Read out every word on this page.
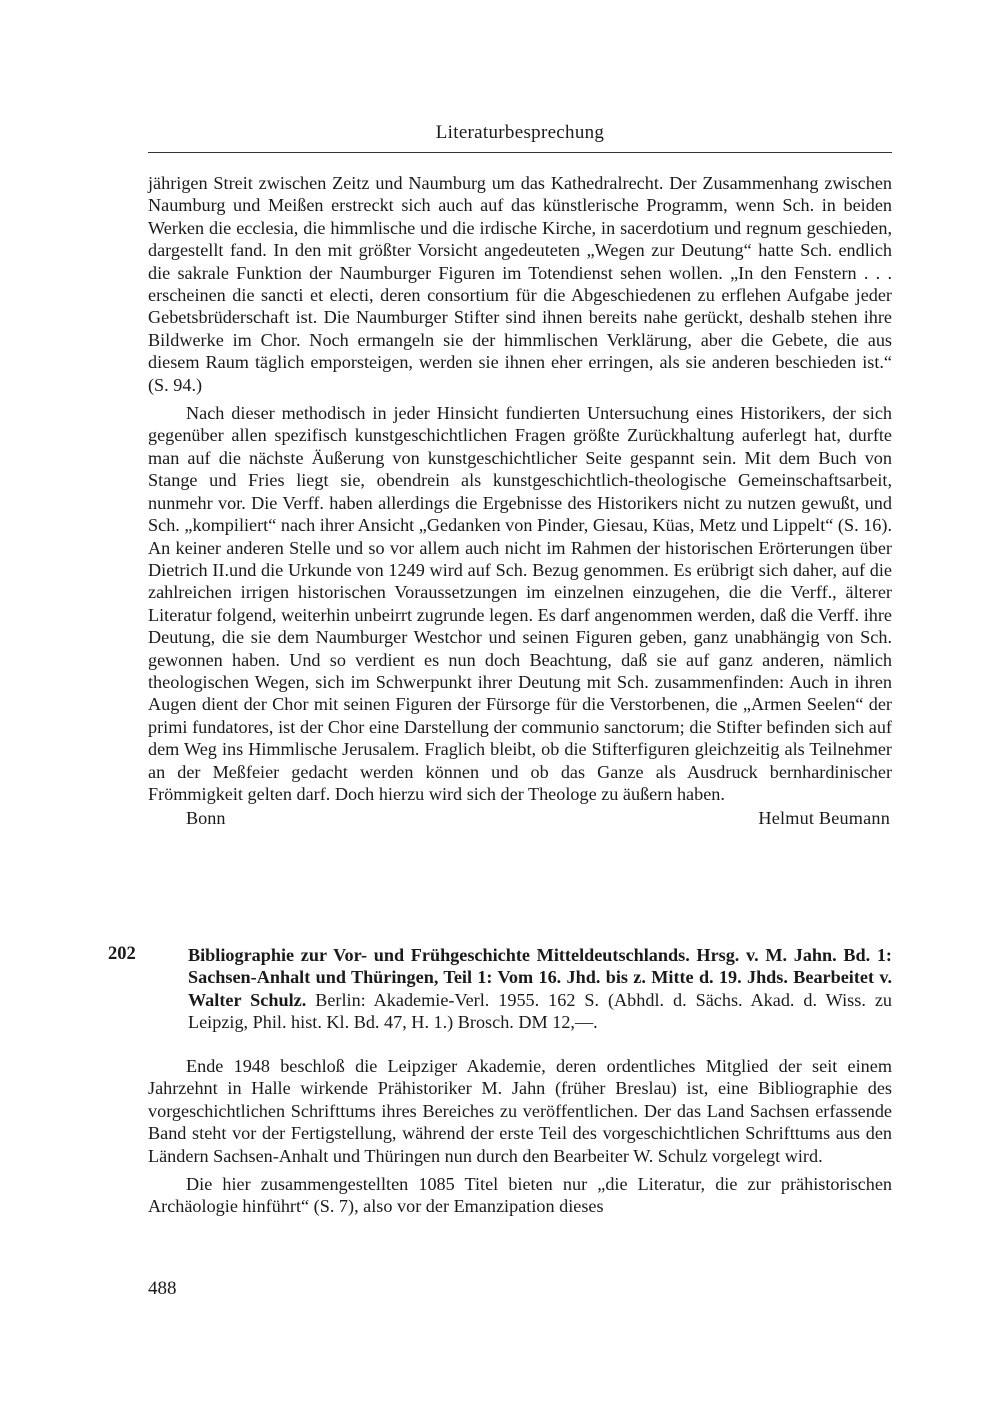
Literaturbesprechung

jährigen Streit zwischen Zeitz und Naumburg um das Kathedralrecht. Der Zusammenhang zwischen Naumburg und Meißen erstreckt sich auch auf das künstlerische Programm, wenn Sch. in beiden Werken die ecclesia, die himmlische und die irdische Kirche, in sacerdotium und regnum geschieden, dargestellt fand. In den mit größter Vorsicht angedeuteten „Wegen zur Deutung“ hatte Sch. endlich die sakrale Funktion der Naumburger Figuren im Totendienst sehen wollen. „In den Fenstern . . . erscheinen die sancti et electi, deren consortium für die Abgeschiedenen zu erflehen Aufgabe jeder Gebetsbrüderschaft ist. Die Naumburger Stifter sind ihnen bereits nahe gerückt, deshalb stehen ihre Bildwerke im Chor. Noch ermangeln sie der himmlischen Verklärung, aber die Gebete, die aus diesem Raum täglich emporsteigen, werden sie ihnen eher erringen, als sie anderen beschieden ist.“ (S. 94.)

Nach dieser methodisch in jeder Hinsicht fundierten Untersuchung eines Historikers, der sich gegenüber allen spezifisch kunstgeschichtlichen Fragen größte Zurückhaltung auferlegt hat, durfte man auf die nächste Äußerung von kunstgeschichtlicher Seite gespannt sein. Mit dem Buch von Stange und Fries liegt sie, obendrein als kunstgeschichtlich-theologische Gemeinschaftsarbeit, nunmehr vor. Die Verff. haben allerdings die Ergebnisse des Historikers nicht zu nutzen gewußt, und Sch. „kompiliert“ nach ihrer Ansicht „Gedanken von Pinder, Giesau, Küas, Metz und Lippelt“ (S. 16). An keiner anderen Stelle und so vor allem auch nicht im Rahmen der historischen Erörterungen über Dietrich II.und die Urkunde von 1249 wird auf Sch. Bezug genommen. Es erübrigt sich daher, auf die zahlreichen irrigen historischen Voraussetzungen im einzelnen einzugehen, die die Verff., älterer Literatur folgend, weiterhin unbeirrt zugrunde legen. Es darf angenommen werden, daß die Verff. ihre Deutung, die sie dem Naumburger Westchor und seinen Figuren geben, ganz unabhängig von Sch. gewonnen haben. Und so verdient es nun doch Beachtung, daß sie auf ganz anderen, nämlich theologischen Wegen, sich im Schwerpunkt ihrer Deutung mit Sch. zusammenfinden: Auch in ihren Augen dient der Chor mit seinen Figuren der Fürsorge für die Verstorbenen, die „Armen Seelen“ der primi fundatores, ist der Chor eine Darstellung der communio sanctorum; die Stifter befinden sich auf dem Weg ins Himmlische Jerusalem. Fraglich bleibt, ob die Stifterfiguren gleichzeitig als Teilnehmer an der Meßfeier gedacht werden können und ob das Ganze als Ausdruck bernhardinischer Frömmigkeit gelten darf. Doch hierzu wird sich der Theologe zu äußern haben.

Bonn	Helmut Beumann
202	Bibliographie zur Vor- und Frühgeschichte Mitteldeutschlands. Hrsg. v. M. Jahn. Bd. 1: Sachsen-Anhalt und Thüringen, Teil 1: Vom 16. Jhd. bis z. Mitte d. 19. Jhds. Bearbeitet v. Walter Schulz. Berlin: Akademie-Verl. 1955. 162 S. (Abhdl. d. Sächs. Akad. d. Wiss. zu Leipzig, Phil. hist. Kl. Bd. 47, H. 1.) Brosch. DM 12,—.

Ende 1948 beschloß die Leipziger Akademie, deren ordentliches Mitglied der seit einem Jahrzehnt in Halle wirkende Prähistoriker M. Jahn (früher Breslau) ist, eine Bibliographie des vorgeschichtlichen Schrifttums ihres Bereiches zu veröffentlichen. Der das Land Sachsen erfassende Band steht vor der Fertigstellung, während der erste Teil des vorgeschichtlichen Schrifttums aus den Ländern Sachsen-Anhalt und Thüringen nun durch den Bearbeiter W. Schulz vorgelegt wird.

Die hier zusammengestellten 1085 Titel bieten nur „die Literatur, die zur prähistorischen Archäologie hinführt“ (S. 7), also vor der Emanzipation dieses

488
